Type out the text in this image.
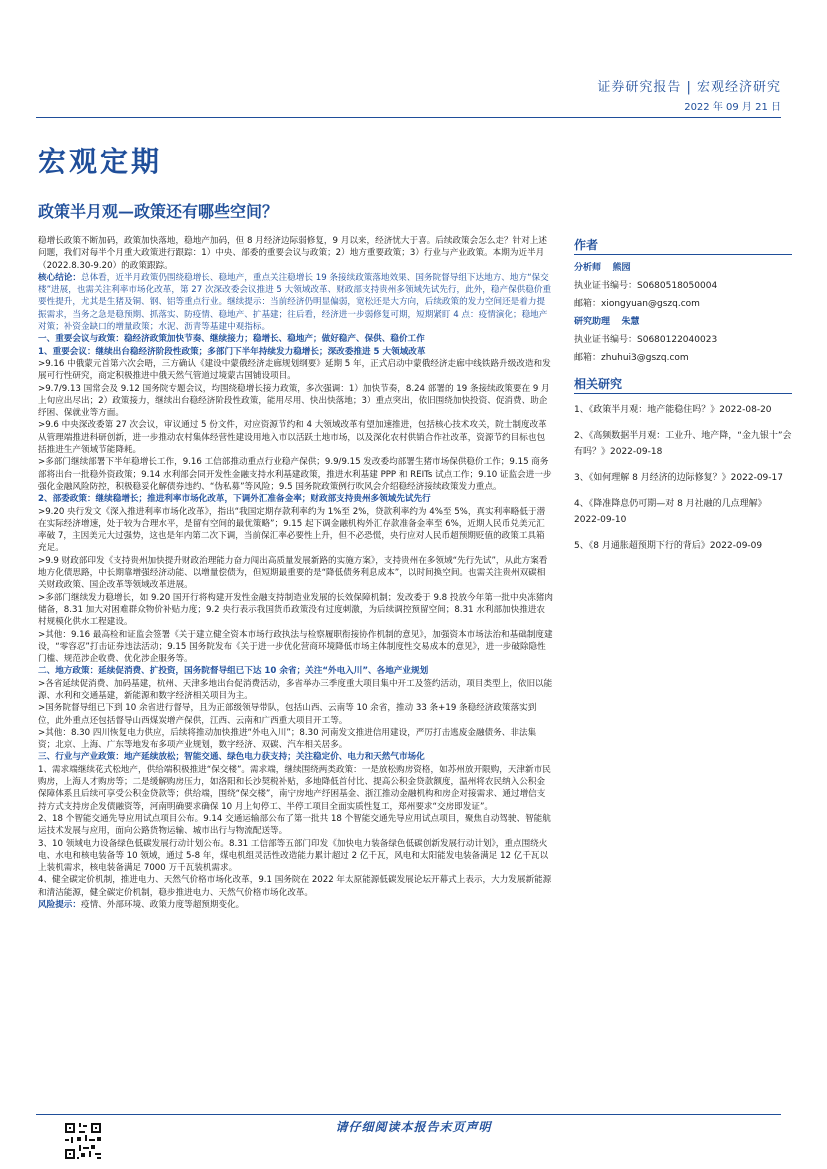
证券研究报告 | 宏观经济研究
2022 年 09 月 21 日
宏观定期
政策半月观—政策还有哪些空间？

稳增长政策不断加码，政策加快落地，稳地产加码，但 8 月经济边际弱修复，9 月以来，经济忧大于喜。后续政策会怎么走？针对上述问题，我们对每半个月重大政策进行跟踪：1）中央、部委的重要会议与政策；2）地方重要政策；3）行业与产业政策。本期为近半月（2022.8.30-9.20）的政策跟踪。

核心结论：总体看，近半月政策仍围绕稳增长、稳地产，重点关注稳增长 19 条接续政策落地效果、国务院督导组下达地方、地方“保交楼”进展，也需关注利率市场化改革，第 27 次深改委会议推进 5 大领域改革、财政部支持贵州多领域先试先行，此外，稳产保供稳价重要性提升，尤其是生猪及铜、钢、铝等重点行业。继续提示：当前经济仍明显偏弱，宽松还是大方向，后续政策的发力空间还是着力提振需求，当务之急是稳预期、抓落实、防疫情、稳地产、扩基建；往后看，经济进一步弱修复可期，短期紧盯 4 点：疫情演化；稳地产对策；补资金缺口的增量政策；水泥、沥青等基建中观指标。

一、重要会议与政策：稳经济政策加快节奏、继续接力；稳增长、稳地产；做好稳产、保供、稳价工作

1、重要会议：继续出台稳经济阶段性政策；多部门下半年持续发力稳增长；深改委推进 5 大领域改革

>9.16 中俄蒙元首第六次会晤，三方确认《建设中蒙俄经济走廊规划纲要》延期 5 年，正式启动中蒙俄经济走廊中线铁路升级改造和发展可行性研究，商定积极推进中俄天然气管道过境蒙古国铺设项目。

>9.7/9.13 国常会及 9.12 国务院专题会议，均围绕稳增长接力政策，多次强调：1）加快节奏，8.24 部署的 19 条接续政策要在 9 月上旬应出尽出；2）政策接力，继续出台稳经济阶段性政策，能用尽用、快出快落地；3）重点突出，依旧围绕加快投资、促消费、助企纾困、保就业等方面。

>9.6 中央深改委第 27 次会议，审议通过 5 份文件，对应资源节约和 4 大领域改革有望加速推进，包括核心技术攻关，院士制度改革从管理端推进科研创新，进一步推动农村集体经营性建设用地入市以活跃土地市场，以及深化农村供销合作社改革，资源节约目标也包括推进生产领域节能降耗。

>多部门继续部署下半年稳增长工作，9.16 工信部推动重点行业稳产保供；9.9/9.15 发改委均部署生猪市场保供稳价工作；9.15 商务部将出台一批稳外资政策；9.14 水利部会同开发性金融支持水利基建政策，推进水利基建 PPP 和 REITs 试点工作；9.10 证监会进一步强化金融风险防控，积极稳妥化解债券违约、“伪私募”等风险；9.5 国务院政策例行吹风会介绍稳经济接续政策发力重点。

2、部委政策：继续稳增长；推进利率市场化改革，下调外汇准备金率；财政部支持贵州多领域先试先行

>9.20 央行发文《深入推进利率市场化改革》，指出“我国定期存款利率约为 1%至 2%，贷款利率约为 4%至 5%，真实利率略低于潜在实际经济增速，处于较为合理水平，是留有空间的最优策略”；9.15 起下调金融机构外汇存款准备金率至 6%，近期人民币兑美元汇率破 7，主因美元大过强势，这也是年内第二次下调，当前保汇率必要性上升，但不必恐慌，央行应对人民币超预期贬值的政策工具箱充足。

>9.9 财政部印发《支持贵州加快提升财政治理能力奋力闯出高质量发展新路的实施方案》，支持贵州在多领域“先行先试”，从此方案看地方化债思路，中长期靠增强经济动能、以增量偿债为，但短期最重要的是“降低债务利息成本”，以时间换空间。也需关注贵州双碳相关财政政策、国企改革等领域改革进展。

>多部门继续发力稳增长，如 9.20 国开行将构建开发性金融支持制造业发展的长效保障机制；发改委于 9.8 投放今年第一批中央冻猪肉储备，8.31 加大对困难群众物价补贴力度；9.2 央行表示我国货币政策没有过度刺激，为后续调控预留空间；8.31 水利部加快推进农村规模化供水工程建设。

>其他：9.16 最高检和证监会签署《关于建立健全资本市场行政执法与检察履职衔接协作机制的意见》，加强资本市场法治和基础制度建设，“零容忍”打击证券违法活动；9.15 国务院发布《关于进一步优化营商环境降低市场主体制度性交易成本的意见》，进一步破除隐性门槛、规范涉企收费、优化涉企服务等。

二、地方政策：延续促消费、扩投资，国务院督导组已下达 10 余省；关注“外电入川”、各地产业规划

>各省延续促消费、加码基建，杭州、天津多地出台促消费活动，多省举办三季度重大项目集中开工及签约活动，项目类型上，依旧以能源、水利和交通基建，新能源和数字经济相关项目为主。

>国务院督导组已下到 10 余省进行督导，且为正部级领导带队，包括山西、云南等 10 余省，推动 33 条+19 条稳经济政策落实到位，此外重点还包括督导山西煤炭增产保供，江西、云南和广西重大项目开工等。

>其他：8.30 四川恢复电力供应，后续将推动加快推进“外电入川”；8.30 河南发文推进信用建设，严厉打击逃废金融债务、非法集资；北京、上海、广东等地发布多项产业规划，数字经济、双碳、汽车相关居多。

三、行业与产业政策：地产延续放松；智能交通、绿色电力获支持；关注稳定价、电力和天然气市场化

1、需求端继续花式松地产，供给端积极推进“保交楼”。需求端，继续围绕两类政策：一是放松购房资格，如苏州放开限购，天津新市民购房，上海人才购房等；二是缓解购房压力，如洛阳和长沙契税补贴，多地降低首付比、提高公积金贷款额度，温州将农民纳入公积金保障体系且后续可享受公积金贷款等；供给端，围绕“保交楼”，南宁房地产纾困基金、浙江推动金融机构和房企对接需求、通过增信支持方式支持房企发债融资等，河南明确要求确保 10 月上旬停工、半停工项目全面实质性复工，郑州要求“交房即发证”。

2、18 个智能交通先导应用试点项目公布。9.14 交通运输部公布了第一批共 18 个智能交通先导应用试点项目，聚焦自动驾驶、智能航运技术发展与应用，面向公路货物运输、城市出行与物流配送等。

3、10 领域电力设备绿色低碳发展行动计划公布。8.31 工信部等五部门印发《加快电力装备绿色低碳创新发展行动计划》，重点围绕火电、水电和核电装备等 10 领域，通过 5-8 年，煤电机组灵活性改造能力累计超过 2 亿千瓦，风电和太阳能发电装备满足 12 亿千瓦以上装机需求，核电装备满足 7000 万千瓦装机需求。

4、健全碳定价机制，推进电力、天然气价格市场化改革，9.1 国务院在 2022 年太原能源低碳发展论坛开幕式上表示，大力发展新能源和清洁能源，健全碳定价机制，稳步推进电力、天然气价格市场化改革。

风险提示：疫情、外部环境、政策力度等超预期变化。

作者
分析师 熊园
执业证书编号：S0680518050004
邮箱：xiongyuan@gszq.com
研究助理 朱慧
执业证书编号：S0680122040023
邮箱：zhuhui3@gszq.com
相关研究
1、《政策半月观：地产能稳住吗？》2022-08-20
2、《高频数据半月观：工业升、地产降，“金九银十”会有吗？》2022-09-18
3、《如何理解 8 月经济的边际修复？》2022-09-17
4、《降准降息仍可期—对 8 月社融的几点理解》2022-09-10
5、《8 月通胀超预期下行的背后》2022-09-09
请仔细阅读本报告末页声明
